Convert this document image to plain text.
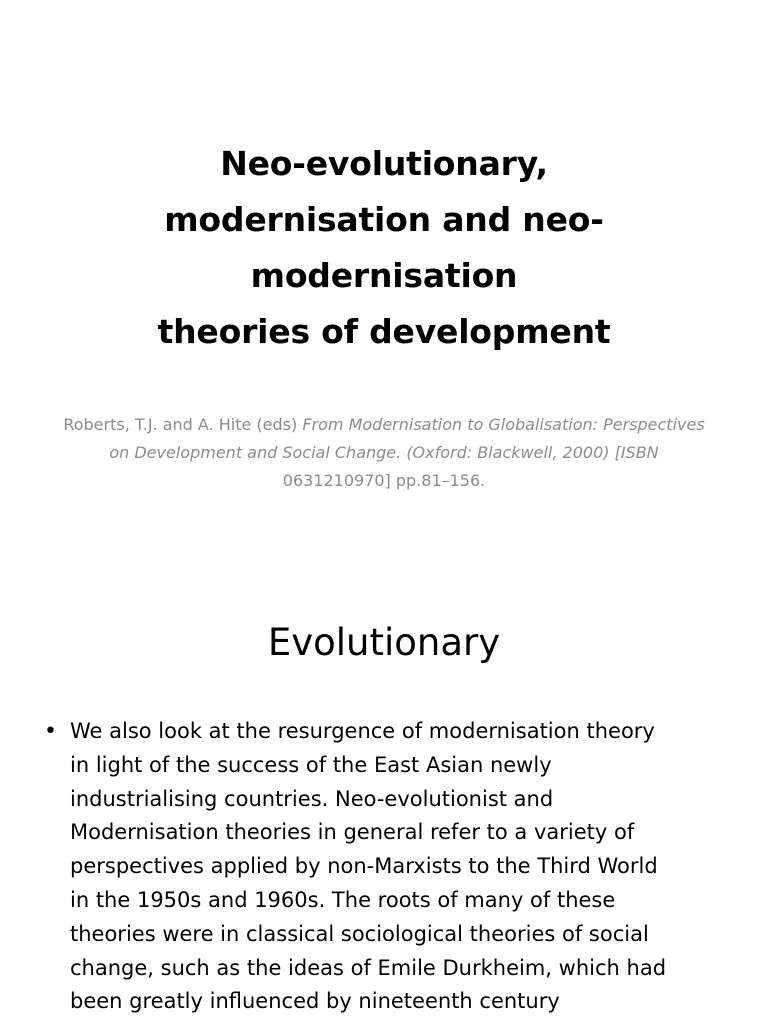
Neo-evolutionary,
modernisation and neo-
modernisation
theories of development

Roberts, T.J. and A. Hite (eds) From Modernisation to Globalisation: Perspectives
on Development and Social Change. (Oxford: Blackwell, 2000) [ISBN
0631210970] pp.81–156.

Evolutionary
• We also look at the resurgence of modernisation theory
in light of the success of the East Asian newly
industrialising countries. Neo-evolutionist and
Modernisation theories in general refer to a variety of
perspectives applied by non-Marxists to the Third World
in the 1950s and 1960s. The roots of many of these
theories were in classical sociological theories of social
change, such as the ideas of Emile Durkheim, which had
been greatly influenced by nineteenth century
